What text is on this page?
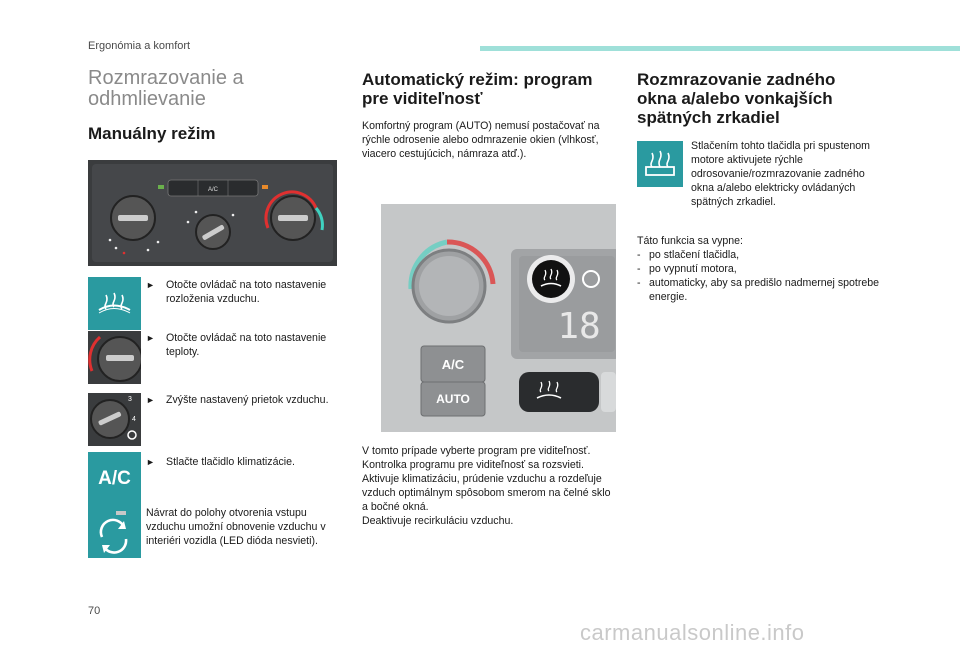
Ergonómia a komfort
Rozmrazovanie a odhmlievanie
Manuálny režim
A/C
►	Otočte ovládač na toto nastavenie rozloženia vzduchu.
►	Otočte ovládač na toto nastavenie teploty.
3
4
►	Zvýšte nastavený prietok vzduchu.
A/C
►	Stlačte tlačidlo klimatizácie.
Návrat do polohy otvorenia vstupu vzduchu umožní obnovenie vzduchu v interiéri vozidla (LED dióda nesvieti).
Automatický režim: program pre viditeľnosť
Komfortný program (AUTO) nemusí postačovať na rýchle odrosenie alebo odmrazenie okien (vlhkosť, viacero cestujúcich, námraza atď.).
A/C
AUTO
18
V tomto prípade vyberte program pre viditeľnosť. Kontrolka programu pre viditeľnosť sa rozsvieti.
Aktivuje klimatizáciu, prúdenie vzduchu a rozdeľuje vzduch optimálnym spôsobom smerom na čelné sklo a bočné okná.
Deaktivuje recirkuláciu vzduchu.
Rozmrazovanie zadného okna a/alebo vonkajších spätných zrkadiel
Stlačením tohto tlačidla pri spustenom motore aktivujete rýchle odrosovanie/rozmrazovanie zadného okna a/alebo elektricky ovládaných spätných zrkadiel.
Táto funkcia sa vypne:
- po stlačení tlačidla,
- po vypnutí motora,
- automaticky, aby sa predišlo nadmernej spotrebe energie.
70
carmanualsonline.info
